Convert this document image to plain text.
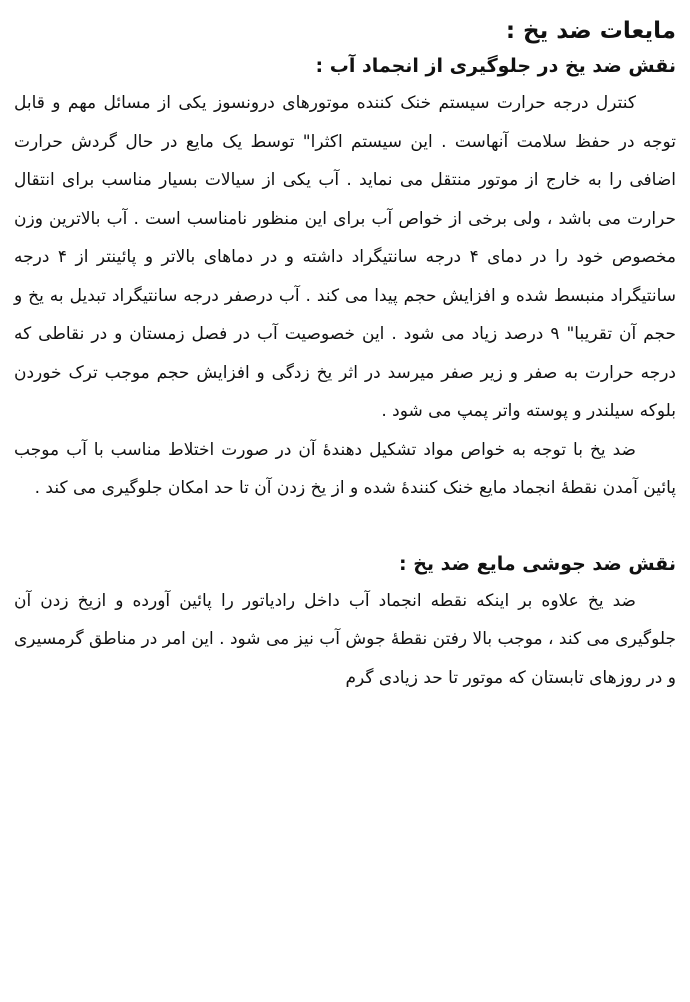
مایعات ضد یخ :
نقش ضد یخ در جلوگیری از انجماد آب :

کنترل درجه حرارت سیستم خنک کننده موتورهای درونسوز یکی از مسائل مهم و قابل توجه در حفظ سلامت آنهاست . این سیستم اکثرا" توسط یک مایع در حال گردش حرارت اضافی را به خارج از موتور منتقل می نماید . آب یکی از سیالات بسیار مناسب برای انتقال حرارت می باشد ، ولی برخی از خواص آب برای این منظور نامناسب است . آب بالاترین وزن مخصوص خود را در دمای ۴ درجه سانتیگراد داشته و در دماهای بالاتر و پائینتر از ۴ درجه سانتیگراد منبسط شده و افزایش حجم پیدا می کند . آب درصفر درجه سانتیگراد تبدیل به یخ و حجم آن تقریبا" ۹ درصد زیاد می شود . این خصوصیت آب در فصل زمستان و در نقاطی که درجه حرارت به صفر و زیر صفر میرسد در اثر یخ زدگی و افزایش حجم موجب ترک خوردن بلوکه سیلندر و پوسته واتر پمپ می شود .

ضد یخ با توجه به خواص مواد تشکیل دهندهٔ آن در صورت اختلاط مناسب با آب موجب پائین آمدن نقطهٔ انجماد مایع خنک کنندهٔ شده و از یخ زدن آن تا حد امکان جلوگیری می کند .

نقش ضد جوشی مایع ضد یخ :

ضد یخ علاوه بر اینکه نقطه انجماد آب داخل رادیاتور را پائین آورده و ازیخ زدن آن جلوگیری می کند ، موجب بالا رفتن نقطهٔ جوش آب نیز می شود . این امر در مناطق گرمسیری و در روزهای تابستان که موتور تا حد زیادی گرم
